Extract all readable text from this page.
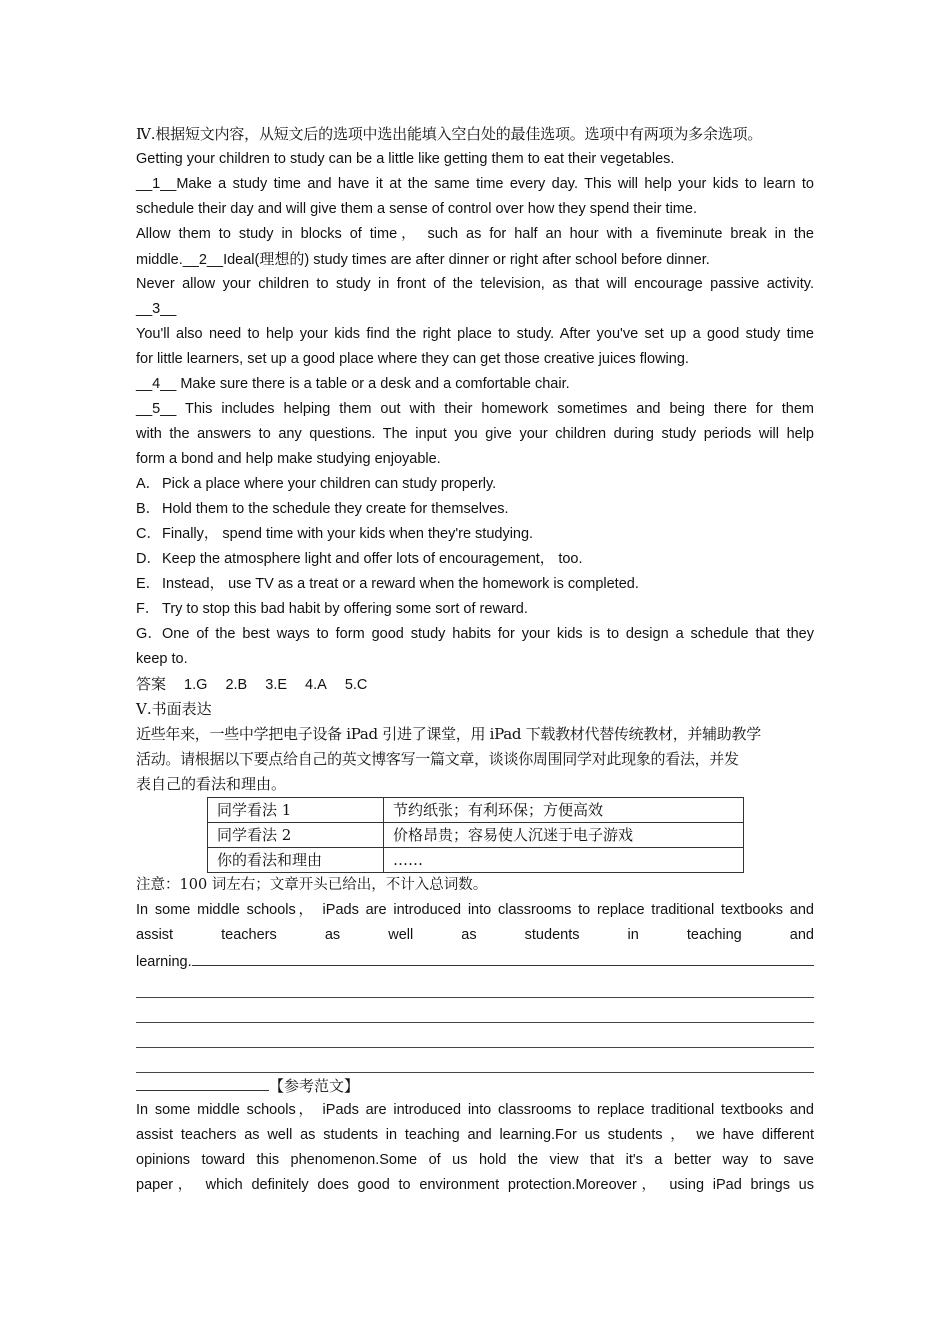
Ⅳ.根据短文内容，从短文后的选项中选出能填入空白处的最佳选项。选项中有两项为多余选项。
Getting your children to study can be a little like getting them to eat their vegetables.
__1__Make a study time and have it at the same time every day. This will help your kids to learn to
schedule their day and will give them a sense of control over how they spend their time.
Allow them to study in blocks of time， such as for half an hour with a fiveminute break in the
middle.__2__Ideal(理想的) study times are after dinner or right after school before dinner.
Never allow your children to study in front of the television, as that will encourage passive activity.
__3__
You'll also need to help your kids find the right place to study. After you've set up a good study time
for little learners, set up a good place where they can get those creative juices flowing.
__4__ Make sure there is a table or a desk and a comfortable chair.
__5__ This includes helping them out with their homework sometimes and being there for them
with the answers to any questions. The input you give your children during study periods will help
form a bond and help make studying enjoyable.
A． Pick a place where your children can study properly.
B． Hold them to the schedule they create for themselves.
C．Finally， spend time with your kids when they're studying.
D．Keep the atmosphere light and offer lots of encouragement， too.
E． Instead， use TV as a treat or a reward when the homework is completed.
F． Try to stop this bad habit by offering some sort of reward.
G．One of the best ways to form good study habits for your kids is to design a schedule that they
keep to.
答案 1.G 2.B 3.E 4.A 5.C
Ⅴ.书面表达
近些年来，一些中学把电子设备 iPad 引进了课堂，用 iPad 下载教材代替传统教材，并辅助教学
活动。请根据以下要点给自己的英文博客写一篇文章，谈谈你周围同学对此现象的看法，并发
表自己的看法和理由。
同学看法 1	节约纸张；有利环保；方便高效
同学看法 2	价格昂贵；容易使人沉迷于电子游戏
你的看法和理由	……
注意：100 词左右；文章开头已给出，不计入总词数。
In some middle schools， iPads are introduced into classrooms to replace traditional textbooks and
assist	teachers	as	well	as	students	in	teaching	and
learning.
【参考范文】
In some middle schools， iPads are introduced into classrooms to replace traditional textbooks and
assist teachers as well as students in teaching and learning.For us students ， we have different
opinions toward this phenomenon.Some of us hold the view that it's a better way to save
paper， which definitely does good to environment protection.Moreover， using iPad brings us
